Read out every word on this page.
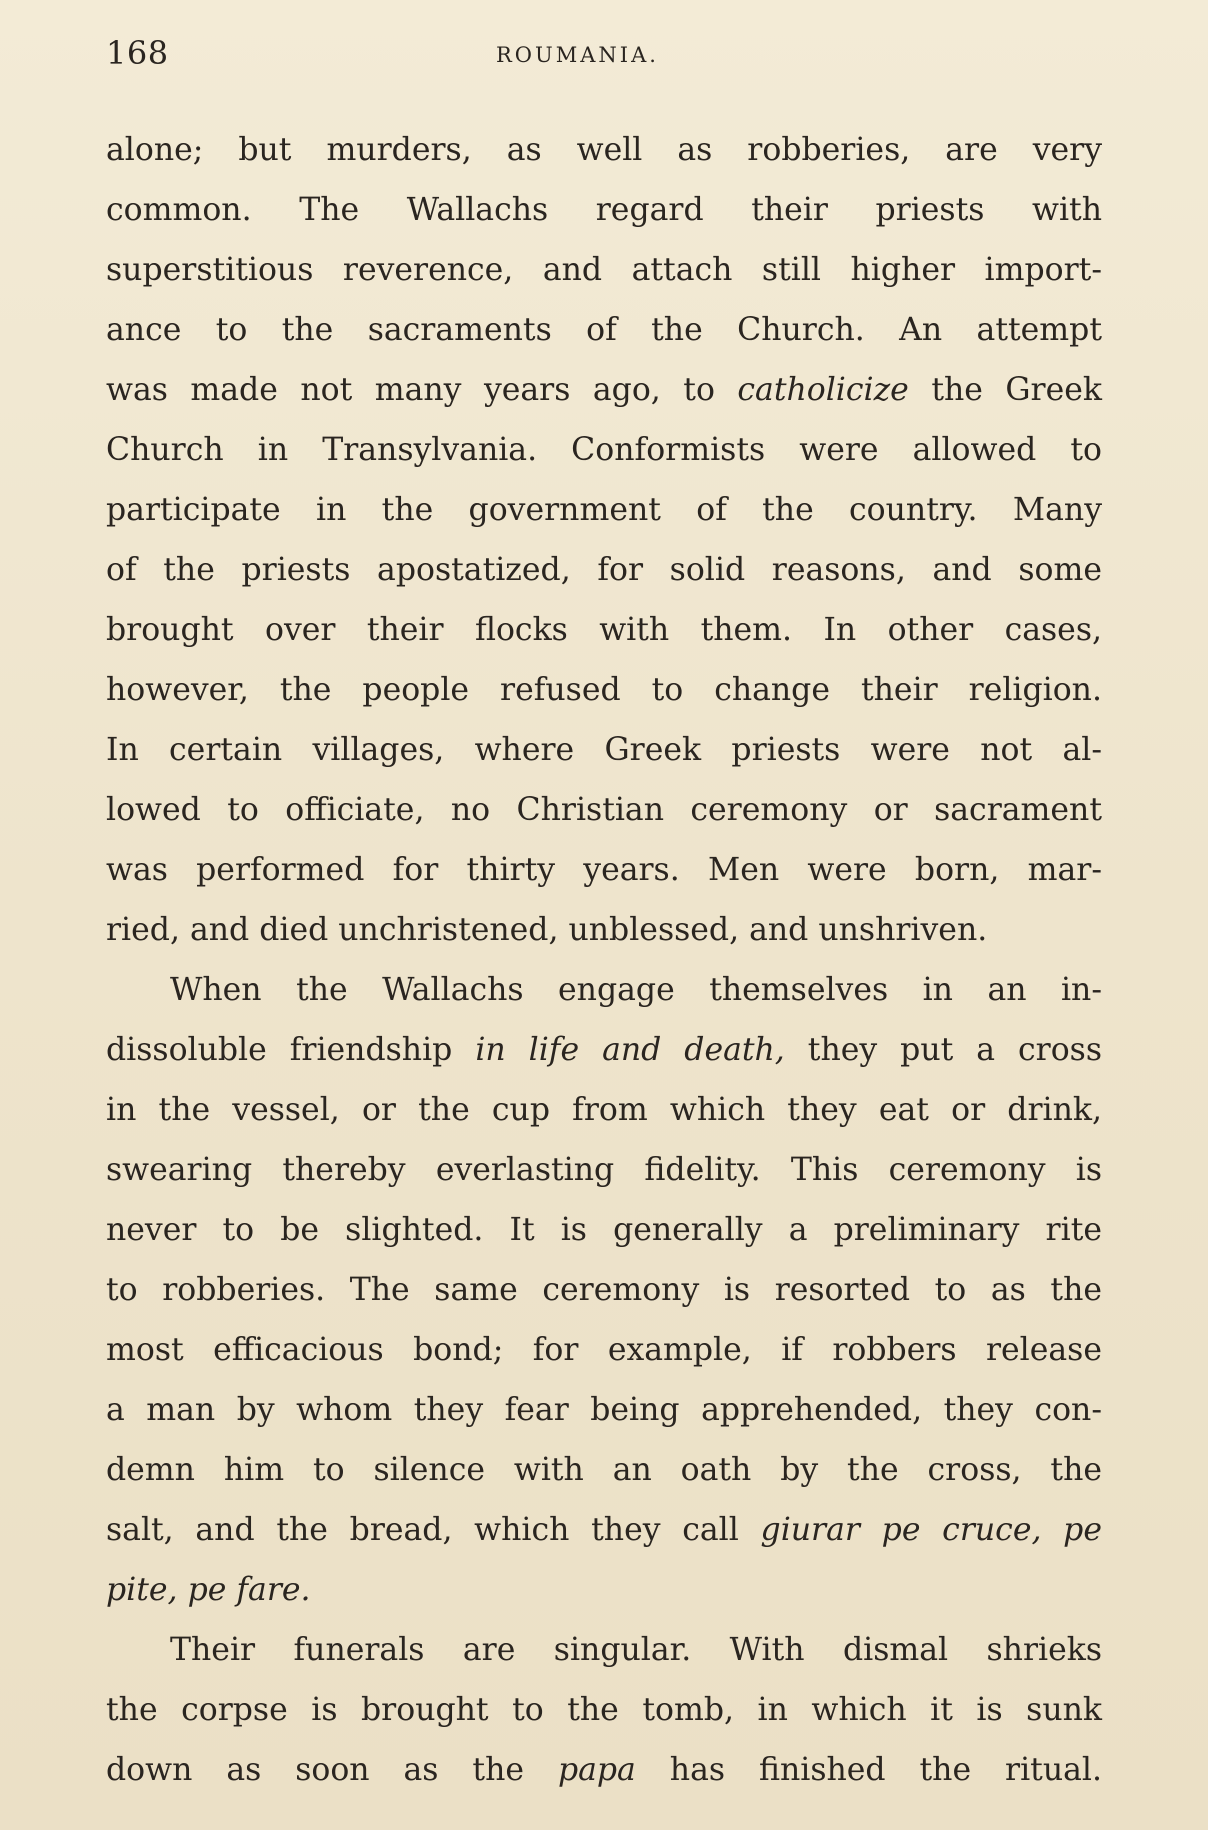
168	ROUMANIA.
alone; but murders, as well as robberies, are very
common. The Wallachs regard their priests with
superstitious reverence, and attach still higher import-
ance to the sacraments of the Church. An attempt
was made not many years ago, to catholicize the Greek
Church in Transylvania. Conformists were allowed to
participate in the government of the country. Many
of the priests apostatized, for solid reasons, and some
brought over their flocks with them. In other cases,
however, the people refused to change their religion.
In certain villages, where Greek priests were not al-
lowed to officiate, no Christian ceremony or sacrament
was performed for thirty years. Men were born, mar-
ried, and died unchristened, unblessed, and unshriven.
When the Wallachs engage themselves in an in-
dissoluble friendship in life and death, they put a cross
in the vessel, or the cup from which they eat or drink,
swearing thereby everlasting fidelity. This ceremony is
never to be slighted. It is generally a preliminary rite
to robberies. The same ceremony is resorted to as the
most efficacious bond; for example, if robbers release
a man by whom they fear being apprehended, they con-
demn him to silence with an oath by the cross, the
salt, and the bread, which they call giurar pe cruce, pe
pite, pe fare.
Their funerals are singular. With dismal shrieks
the corpse is brought to the tomb, in which it is sunk
down as soon as the papa has finished the ritual.
